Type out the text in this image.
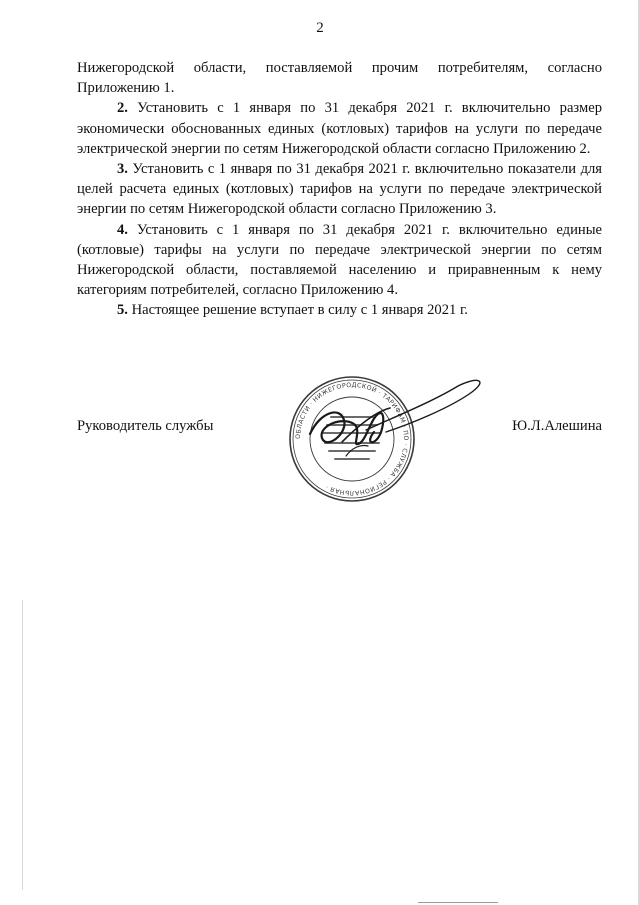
2

Нижегородской области, поставляемой прочим потребителям, согласно Приложению 1.

2. Установить с 1 января по 31 декабря 2021 г. включительно размер экономически обоснованных единых (котловых) тарифов на услуги по передаче электрической энергии по сетям Нижегородской области согласно Приложению 2.

3. Установить с 1 января по 31 декабря 2021 г. включительно показатели для целей расчета единых (котловых) тарифов на услуги по передаче электрической энергии по сетям Нижегородской области согласно Приложению 3.

4. Установить с 1 января по 31 декабря 2021 г. включительно единые (котловые) тарифы на услуги по передаче электрической энергии по сетям Нижегородской области, поставляемой населению и приравненным к нему категориям потребителей, согласно Приложению 4.

5. Настоящее решение вступает в силу с 1 января 2021 г.

Руководитель службы	Ю.Л.Алешина
ОБЛАСТИ · НИЖЕГОРОДСКОЙ · ТАРИФАМ · ПО · СЛУЖБА · РЕГИОНАЛЬНАЯ ·
